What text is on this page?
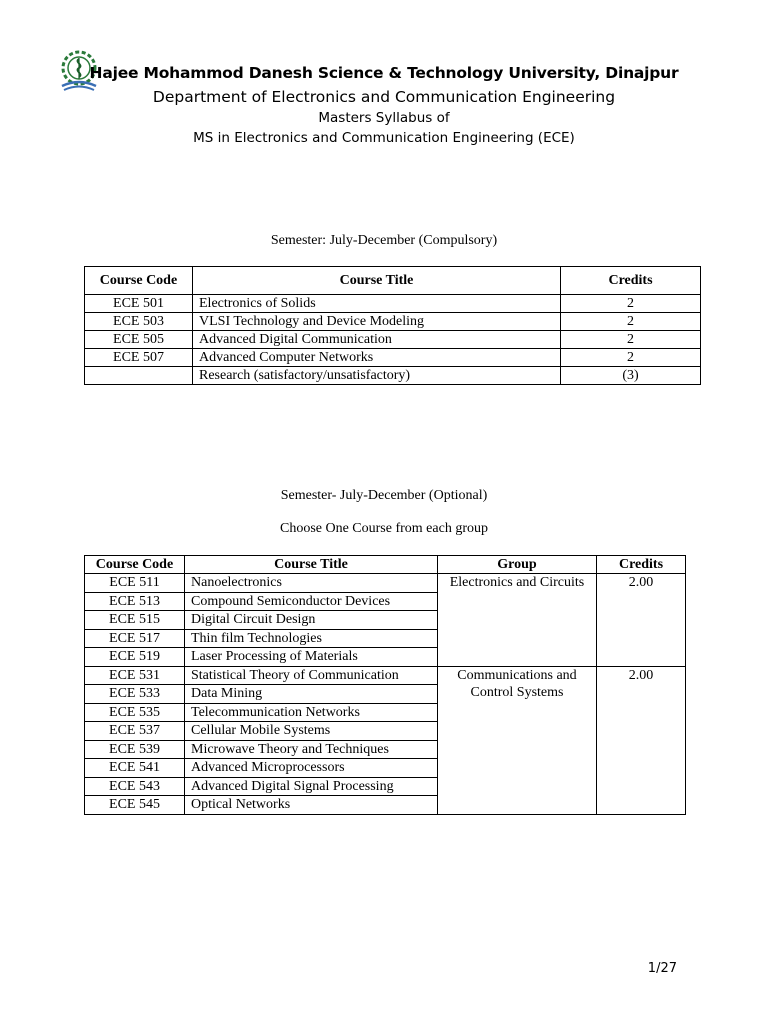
Hajee Mohammod Danesh Science & Technology University, Dinajpur
Department of Electronics and Communication Engineering
Masters Syllabus of
MS in Electronics and Communication Engineering (ECE)
Semester: July-December (Compulsory)
Course Code	Course Title	Credits
ECE 501	Electronics of Solids	2
ECE 503	VLSI Technology and Device Modeling	2
ECE 505	Advanced Digital Communication	2
ECE 507	Advanced Computer Networks	2
	Research (satisfactory/unsatisfactory)	(3)
Semester- July-December (Optional)
Choose One Course from each group
Course Code	Course Title	Group	Credits
ECE 511	Nanoelectronics	Electronics and Circuits	2.00
ECE 513	Compound Semiconductor Devices		
ECE 515	Digital Circuit Design		
ECE 517	Thin film Technologies		
ECE 519	Laser Processing of Materials		
ECE 531	Statistical Theory of Communication	Communications and Control Systems	2.00
ECE 533	Data Mining		
ECE 535	Telecommunication Networks		
ECE 537	Cellular Mobile Systems		
ECE 539	Microwave Theory and Techniques		
ECE 541	Advanced Microprocessors		
ECE 543	Advanced Digital Signal Processing		
ECE 545	Optical Networks		
1/27
